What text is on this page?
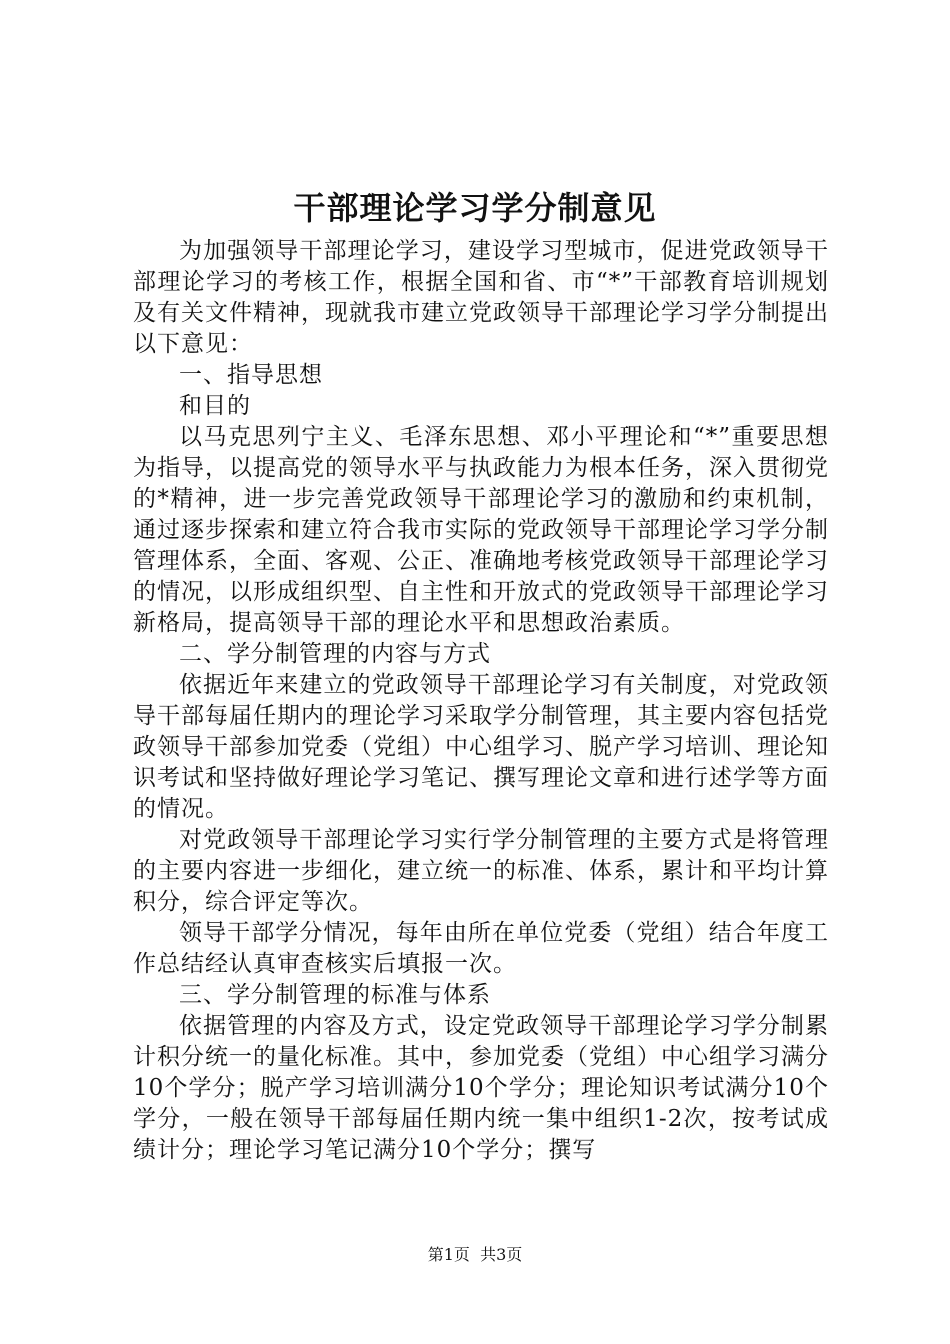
干部理论学习学分制意见

为加强领导干部理论学习，建设学习型城市，促进党政领导干部理论学习的考核工作，根据全国和省、市“*”干部教育培训规划及有关文件精神，现就我市建立党政领导干部理论学习学分制提出以下意见：

一、指导思想

和目的

以马克思列宁主义、毛泽东思想、邓小平理论和“*”重要思想为指导，以提高党的领导水平与执政能力为根本任务，深入贯彻党的*精神，进一步完善党政领导干部理论学习的激励和约束机制，通过逐步探索和建立符合我市实际的党政领导干部理论学习学分制管理体系，全面、客观、公正、准确地考核党政领导干部理论学习的情况，以形成组织型、自主性和开放式的党政领导干部理论学习新格局，提高领导干部的理论水平和思想政治素质。

二、学分制管理的内容与方式

依据近年来建立的党政领导干部理论学习有关制度，对党政领导干部每届任期内的理论学习采取学分制管理，其主要内容包括党政领导干部参加党委（党组）中心组学习、脱产学习培训、理论知识考试和坚持做好理论学习笔记、撰写理论文章和进行述学等方面的情况。

对党政领导干部理论学习实行学分制管理的主要方式是将管理的主要内容进一步细化，建立统一的标准、体系，累计和平均计算积分，综合评定等次。

领导干部学分情况，每年由所在单位党委（党组）结合年度工作总结经认真审查核实后填报一次。

三、学分制管理的标准与体系

依据管理的内容及方式，设定党政领导干部理论学习学分制累计积分统一的量化标准。其中，参加党委（党组）中心组学习满分10个学分；脱产学习培训满分10个学分；理论知识考试满分10个学分，一般在领导干部每届任期内统一集中组织1-2次，按考试成绩计分；理论学习笔记满分10个学分；撰写

第1页 共3页
